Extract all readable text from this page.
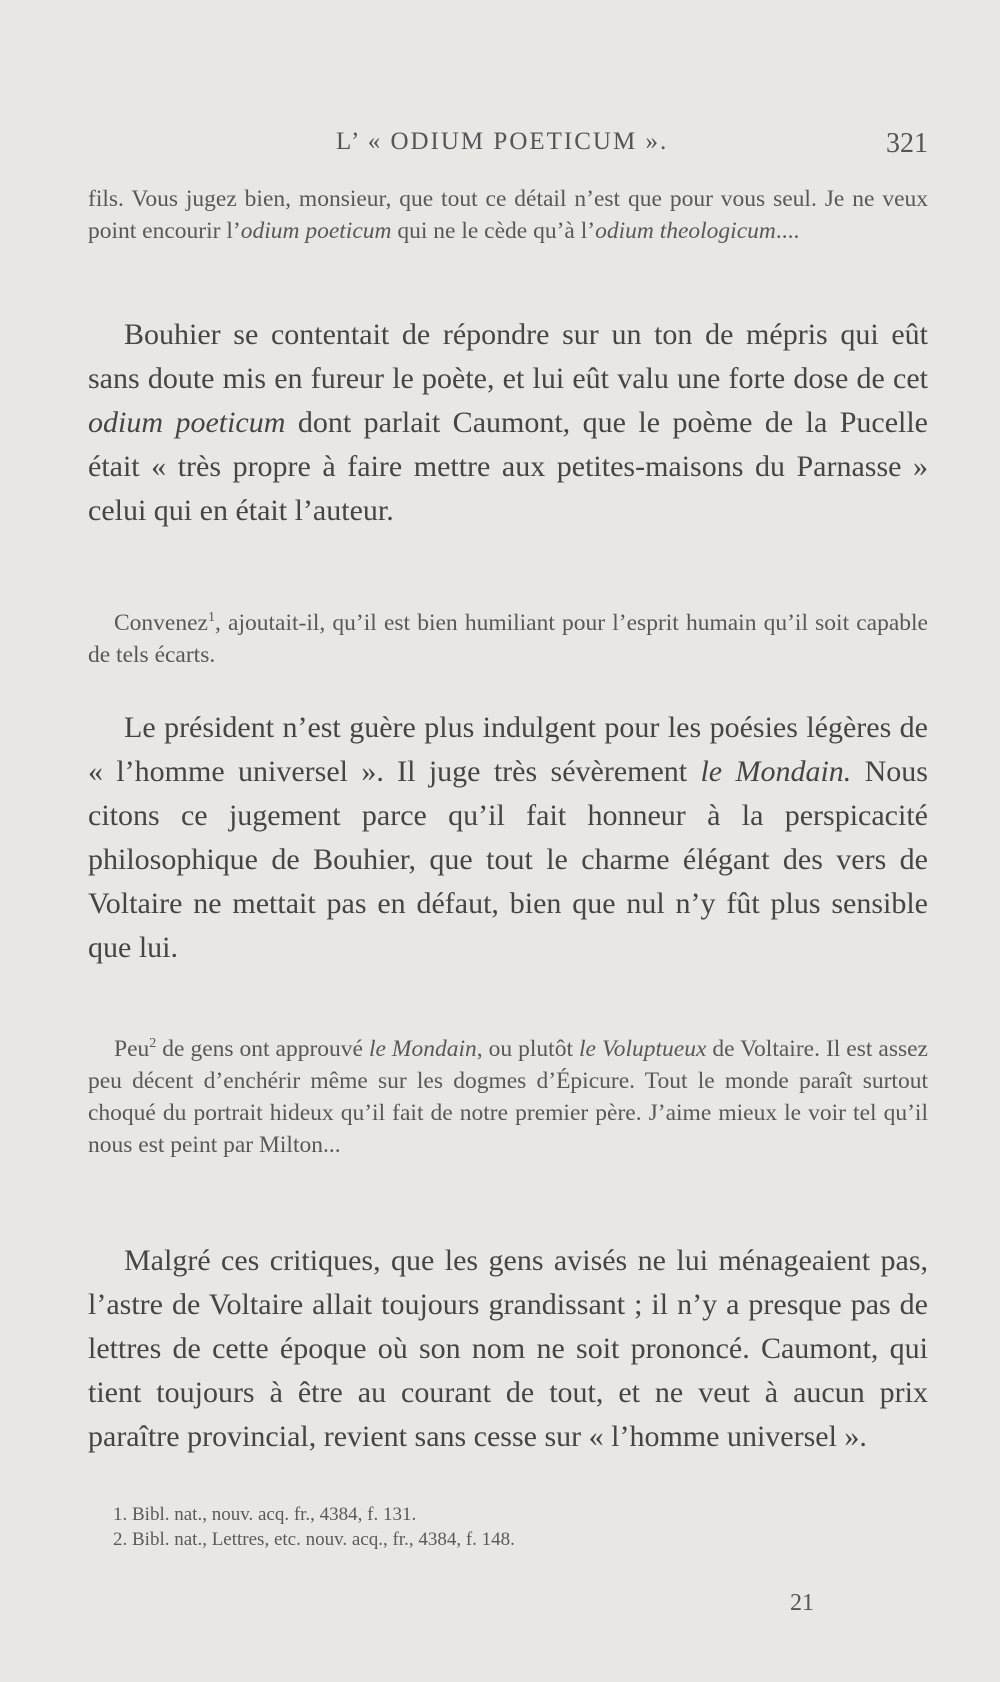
L’ « ODIUM POETICUM ».	321

fils. Vous jugez bien, monsieur, que tout ce détail n’est que pour vous seul. Je ne veux point encourir l’odium poeticum qui ne le cède qu’à l’odium theologicum....

Bouhier se contentait de répondre sur un ton de mépris qui eût sans doute mis en fureur le poète, et lui eût valu une forte dose de cet odium poeticum dont parlait Caumont, que le poème de la Pucelle était « très propre à faire mettre aux petites-maisons du Parnasse » celui qui en était l’auteur.

Convenez$^1$, ajoutait-il, qu’il est bien humiliant pour l’esprit humain qu’il soit capable de tels écarts.

Le président n’est guère plus indulgent pour les poésies légères de « l’homme universel ». Il juge très sévèrement le Mondain. Nous citons ce jugement parce qu’il fait honneur à la perspicacité philosophique de Bouhier, que tout le charme élégant des vers de Voltaire ne mettait pas en défaut, bien que nul n’y fût plus sensible que lui.

Peu$^2$ de gens ont approuvé le Mondain, ou plutôt le Voluptueux de Voltaire. Il est assez peu décent d’enchérir même sur les dogmes d’Épicure. Tout le monde paraît surtout choqué du portrait hideux qu’il fait de notre premier père. J’aime mieux le voir tel qu’il nous est peint par Milton...

Malgré ces critiques, que les gens avisés ne lui ménageaient pas, l’astre de Voltaire allait toujours grandissant ; il n’y a presque pas de lettres de cette époque où son nom ne soit prononcé. Caumont, qui tient toujours à être au courant de tout, et ne veut à aucun prix paraître provincial, revient sans cesse sur « l’homme universel ».

1. Bibl. nat., nouv. acq. fr., 4384, f. 131.

2. Bibl. nat., Lettres, etc. nouv. acq., fr., 4384, f. 148.

21
